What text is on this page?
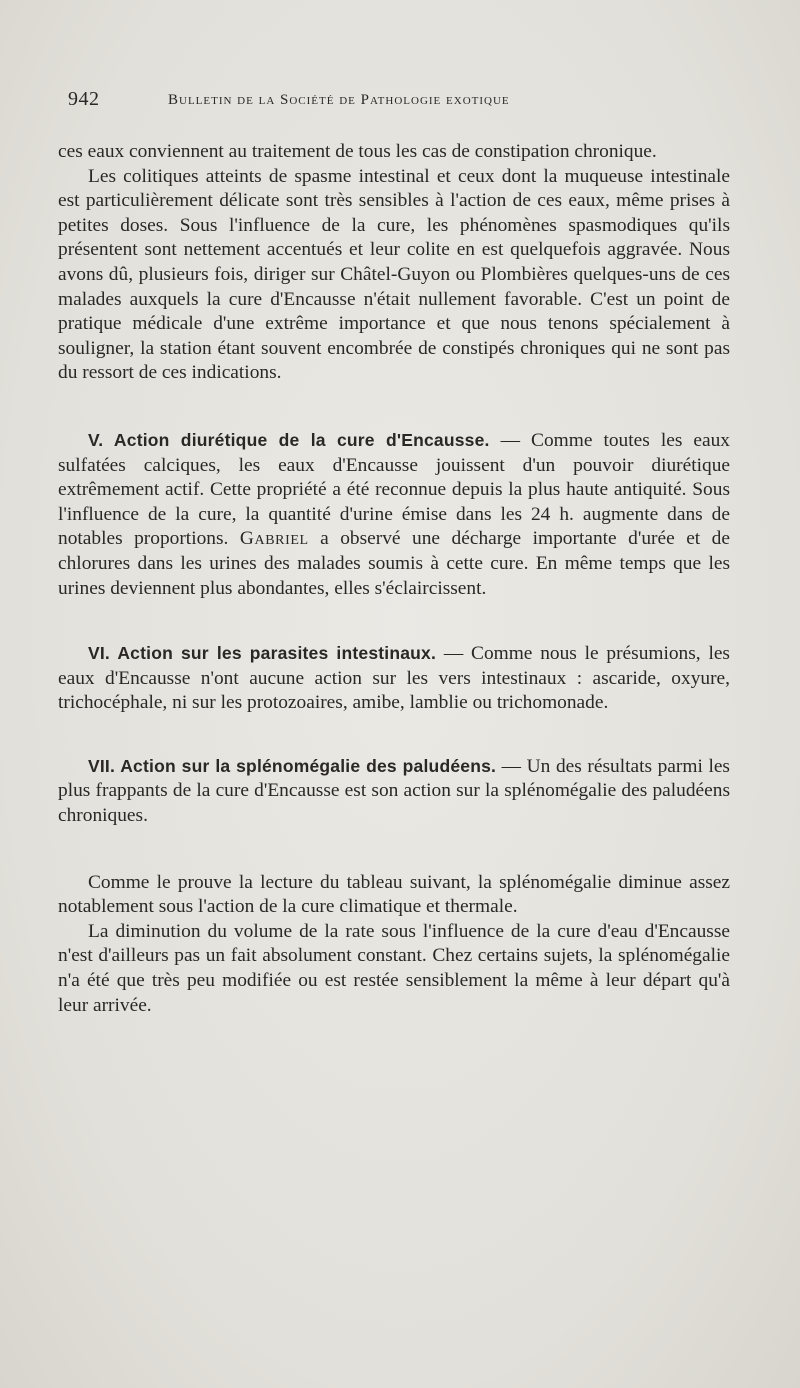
942	Bulletin de la Société de Pathologie exotique

ces eaux conviennent au traitement de tous les cas de constipation chronique.

Les colitiques atteints de spasme intestinal et ceux dont la muqueuse intestinale est particulièrement délicate sont très sensibles à l'action de ces eaux, même prises à petites doses. Sous l'influence de la cure, les phénomènes spasmodiques qu'ils présentent sont nettement accentués et leur colite en est quelquefois aggravée. Nous avons dû, plusieurs fois, diriger sur Châtel-Guyon ou Plombières quelques-uns de ces malades auxquels la cure d'Encausse n'était nullement favorable. C'est un point de pratique médicale d'une extrême importance et que nous tenons spécialement à souligner, la station étant souvent encombrée de constipés chroniques qui ne sont pas du ressort de ces indications.

V. Action diurétique de la cure d'Encausse. — Comme toutes les eaux sulfatées calciques, les eaux d'Encausse jouissent d'un pouvoir diurétique extrêmement actif. Cette propriété a été reconnue depuis la plus haute antiquité. Sous l'influence de la cure, la quantité d'urine émise dans les 24 h. augmente dans de notables proportions. Gabriel a observé une décharge importante d'urée et de chlorures dans les urines des malades soumis à cette cure. En même temps que les urines deviennent plus abondantes, elles s'éclaircissent.

VI. Action sur les parasites intestinaux. — Comme nous le présumions, les eaux d'Encausse n'ont aucune action sur les vers intestinaux : ascaride, oxyure, trichocéphale, ni sur les protozoaires, amibe, lamblie ou trichomonade.

VII. Action sur la splénomégalie des paludéens. — Un des résultats parmi les plus frappants de la cure d'Encausse est son action sur la splénomégalie des paludéens chroniques.

Comme le prouve la lecture du tableau suivant, la splénomégalie diminue assez notablement sous l'action de la cure climatique et thermale.

La diminution du volume de la rate sous l'influence de la cure d'eau d'Encausse n'est d'ailleurs pas un fait absolument constant. Chez certains sujets, la splénomégalie n'a été que très peu modifiée ou est restée sensiblement la même à leur départ qu'à leur arrivée.
